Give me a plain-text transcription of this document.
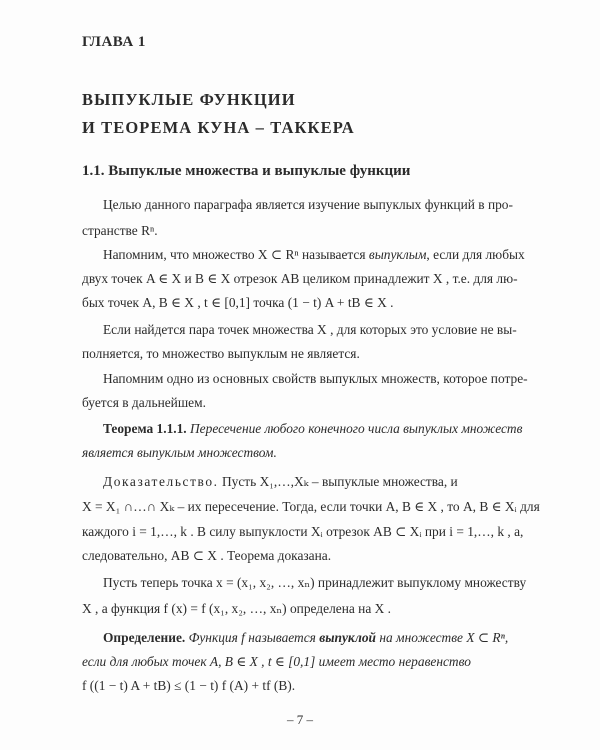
ГЛАВА 1
ВЫПУКЛЫЕ ФУНКЦИИ
И ТЕОРЕМА КУНА – ТАККЕРА
1.1. Выпуклые множества и выпуклые функции
Целью данного параграфа является изучение выпуклых функций в про-
странстве Rⁿ.
Напомним, что множество X ⊂ Rⁿ называется выпуклым, если для любых
двух точек A ∈ X и B ∈ X отрезок AB целиком принадлежит X , т.е. для лю-
бых точек A, B ∈ X , t ∈ [0,1] точка (1 − t) A + tB ∈ X .
Если найдется пара точек множества X , для которых это условие не вы-
полняется, то множество выпуклым не является.
Напомним одно из основных свойств выпуклых множеств, которое потре-
буется в дальнейшем.
Теорема 1.1.1. Пересечение любого конечного числа выпуклых множеств
является выпуклым множеством.
Доказательство. Пусть X₁,…,Xₖ – выпуклые множества, и
X = X₁ ∩…∩ Xₖ – их пересечение. Тогда, если точки A, B ∈ X , то A, B ∈ Xᵢ для
каждого i = 1,…, k . В силу выпуклости Xᵢ отрезок AB ⊂ Xᵢ при i = 1,…, k , а,
следовательно, AB ⊂ X . Теорема доказана.
Пусть теперь точка x = (x₁, x₂, …, xₙ) принадлежит выпуклому множеству
X , а функция f (x) = f (x₁, x₂, …, xₙ) определена на X .
Определение. Функция f называется выпуклой на множестве X ⊂ Rⁿ,
если для любых точек A, B ∈ X , t ∈ [0,1] имеет место неравенство
f ((1 − t) A + tB) ≤ (1 − t) f (A) + tf (B).
– 7 –
